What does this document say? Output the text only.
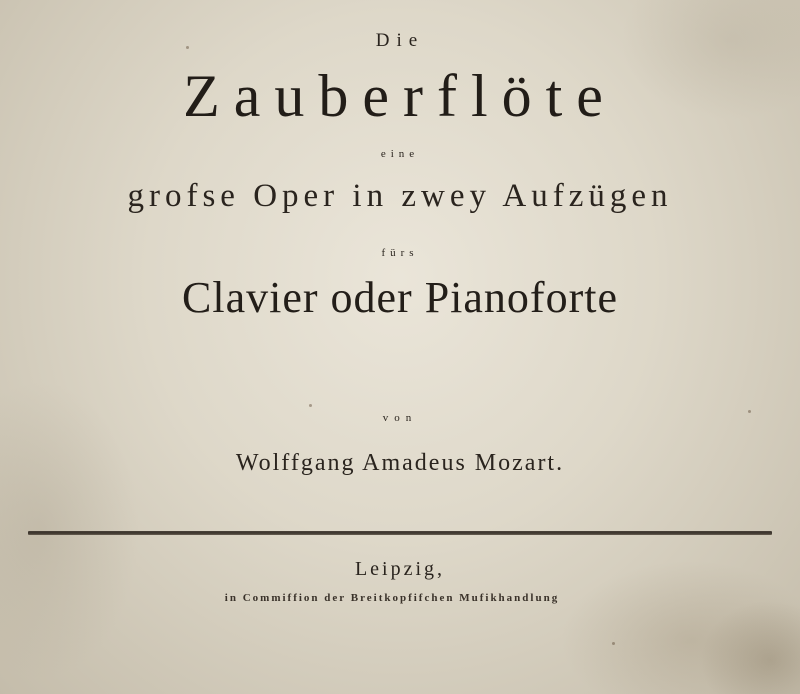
Die
Zauberflöte
eine
grofse Oper in zwey Aufzügen
fürs
Clavier oder Pianoforte
von
Wolffgang Amadeus Mozart.
Leipzig,
in Commiffion der Breitkopfifchen Mufikhandlung
